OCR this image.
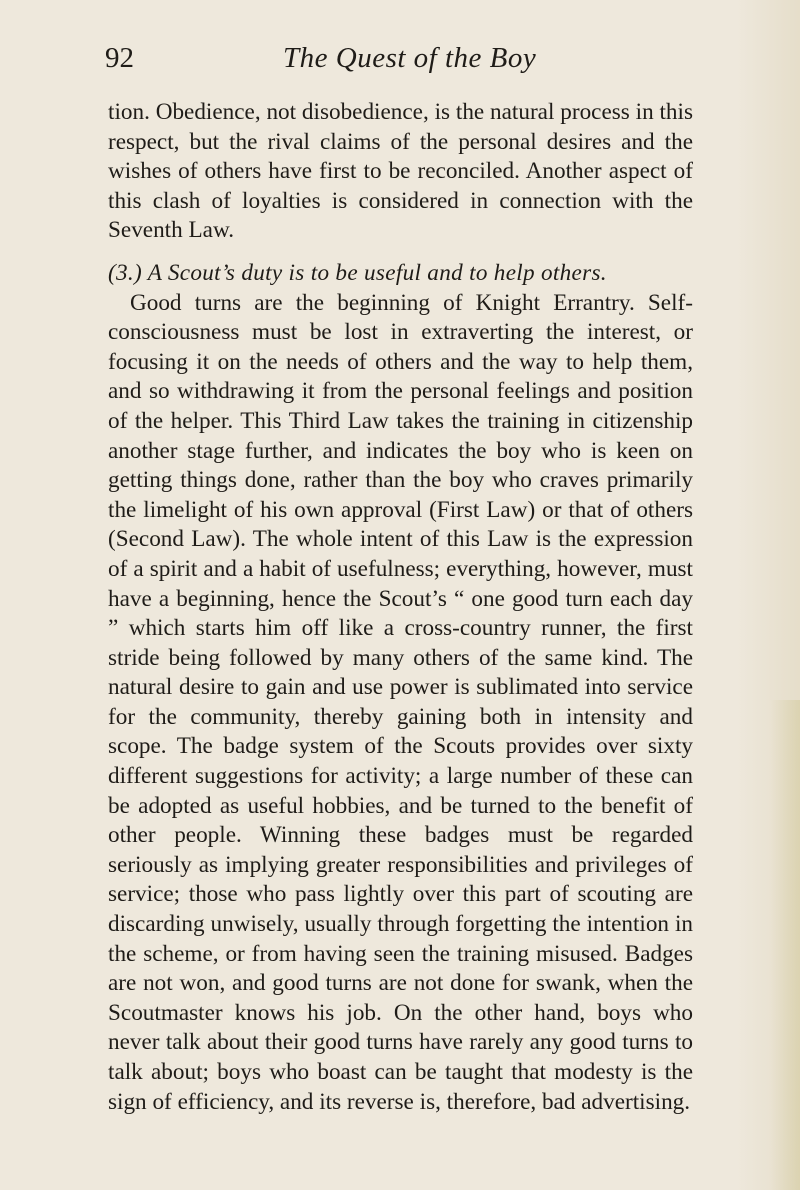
92	The Quest of the Boy

tion. Obedience, not disobedience, is the natural process in this respect, but the rival claims of the personal desires and the wishes of others have first to be reconciled. Another aspect of this clash of loyalties is considered in connection with the Seventh Law.

(3.) A Scout’s duty is to be useful and to help others.

Good turns are the beginning of Knight Errantry. Self-consciousness must be lost in extraverting the interest, or focusing it on the needs of others and the way to help them, and so withdrawing it from the personal feelings and position of the helper. This Third Law takes the training in citizenship another stage further, and indicates the boy who is keen on getting things done, rather than the boy who craves primarily the limelight of his own approval (First Law) or that of others (Second Law). The whole intent of this Law is the expression of a spirit and a habit of usefulness; everything, however, must have a beginning, hence the Scout’s “ one good turn each day ” which starts him off like a cross-country runner, the first stride being followed by many others of the same kind. The natural desire to gain and use power is sublimated into service for the community, thereby gaining both in intensity and scope. The badge system of the Scouts provides over sixty different suggestions for activity; a large number of these can be adopted as useful hobbies, and be turned to the benefit of other people. Winning these badges must be regarded seriously as implying greater responsibilities and privileges of service; those who pass lightly over this part of scouting are discarding unwisely, usually through forgetting the intention in the scheme, or from having seen the training misused. Badges are not won, and good turns are not done for swank, when the Scoutmaster knows his job. On the other hand, boys who never talk about their good turns have rarely any good turns to talk about; boys who boast can be taught that modesty is the sign of efficiency, and its reverse is, therefore, bad advertising.
